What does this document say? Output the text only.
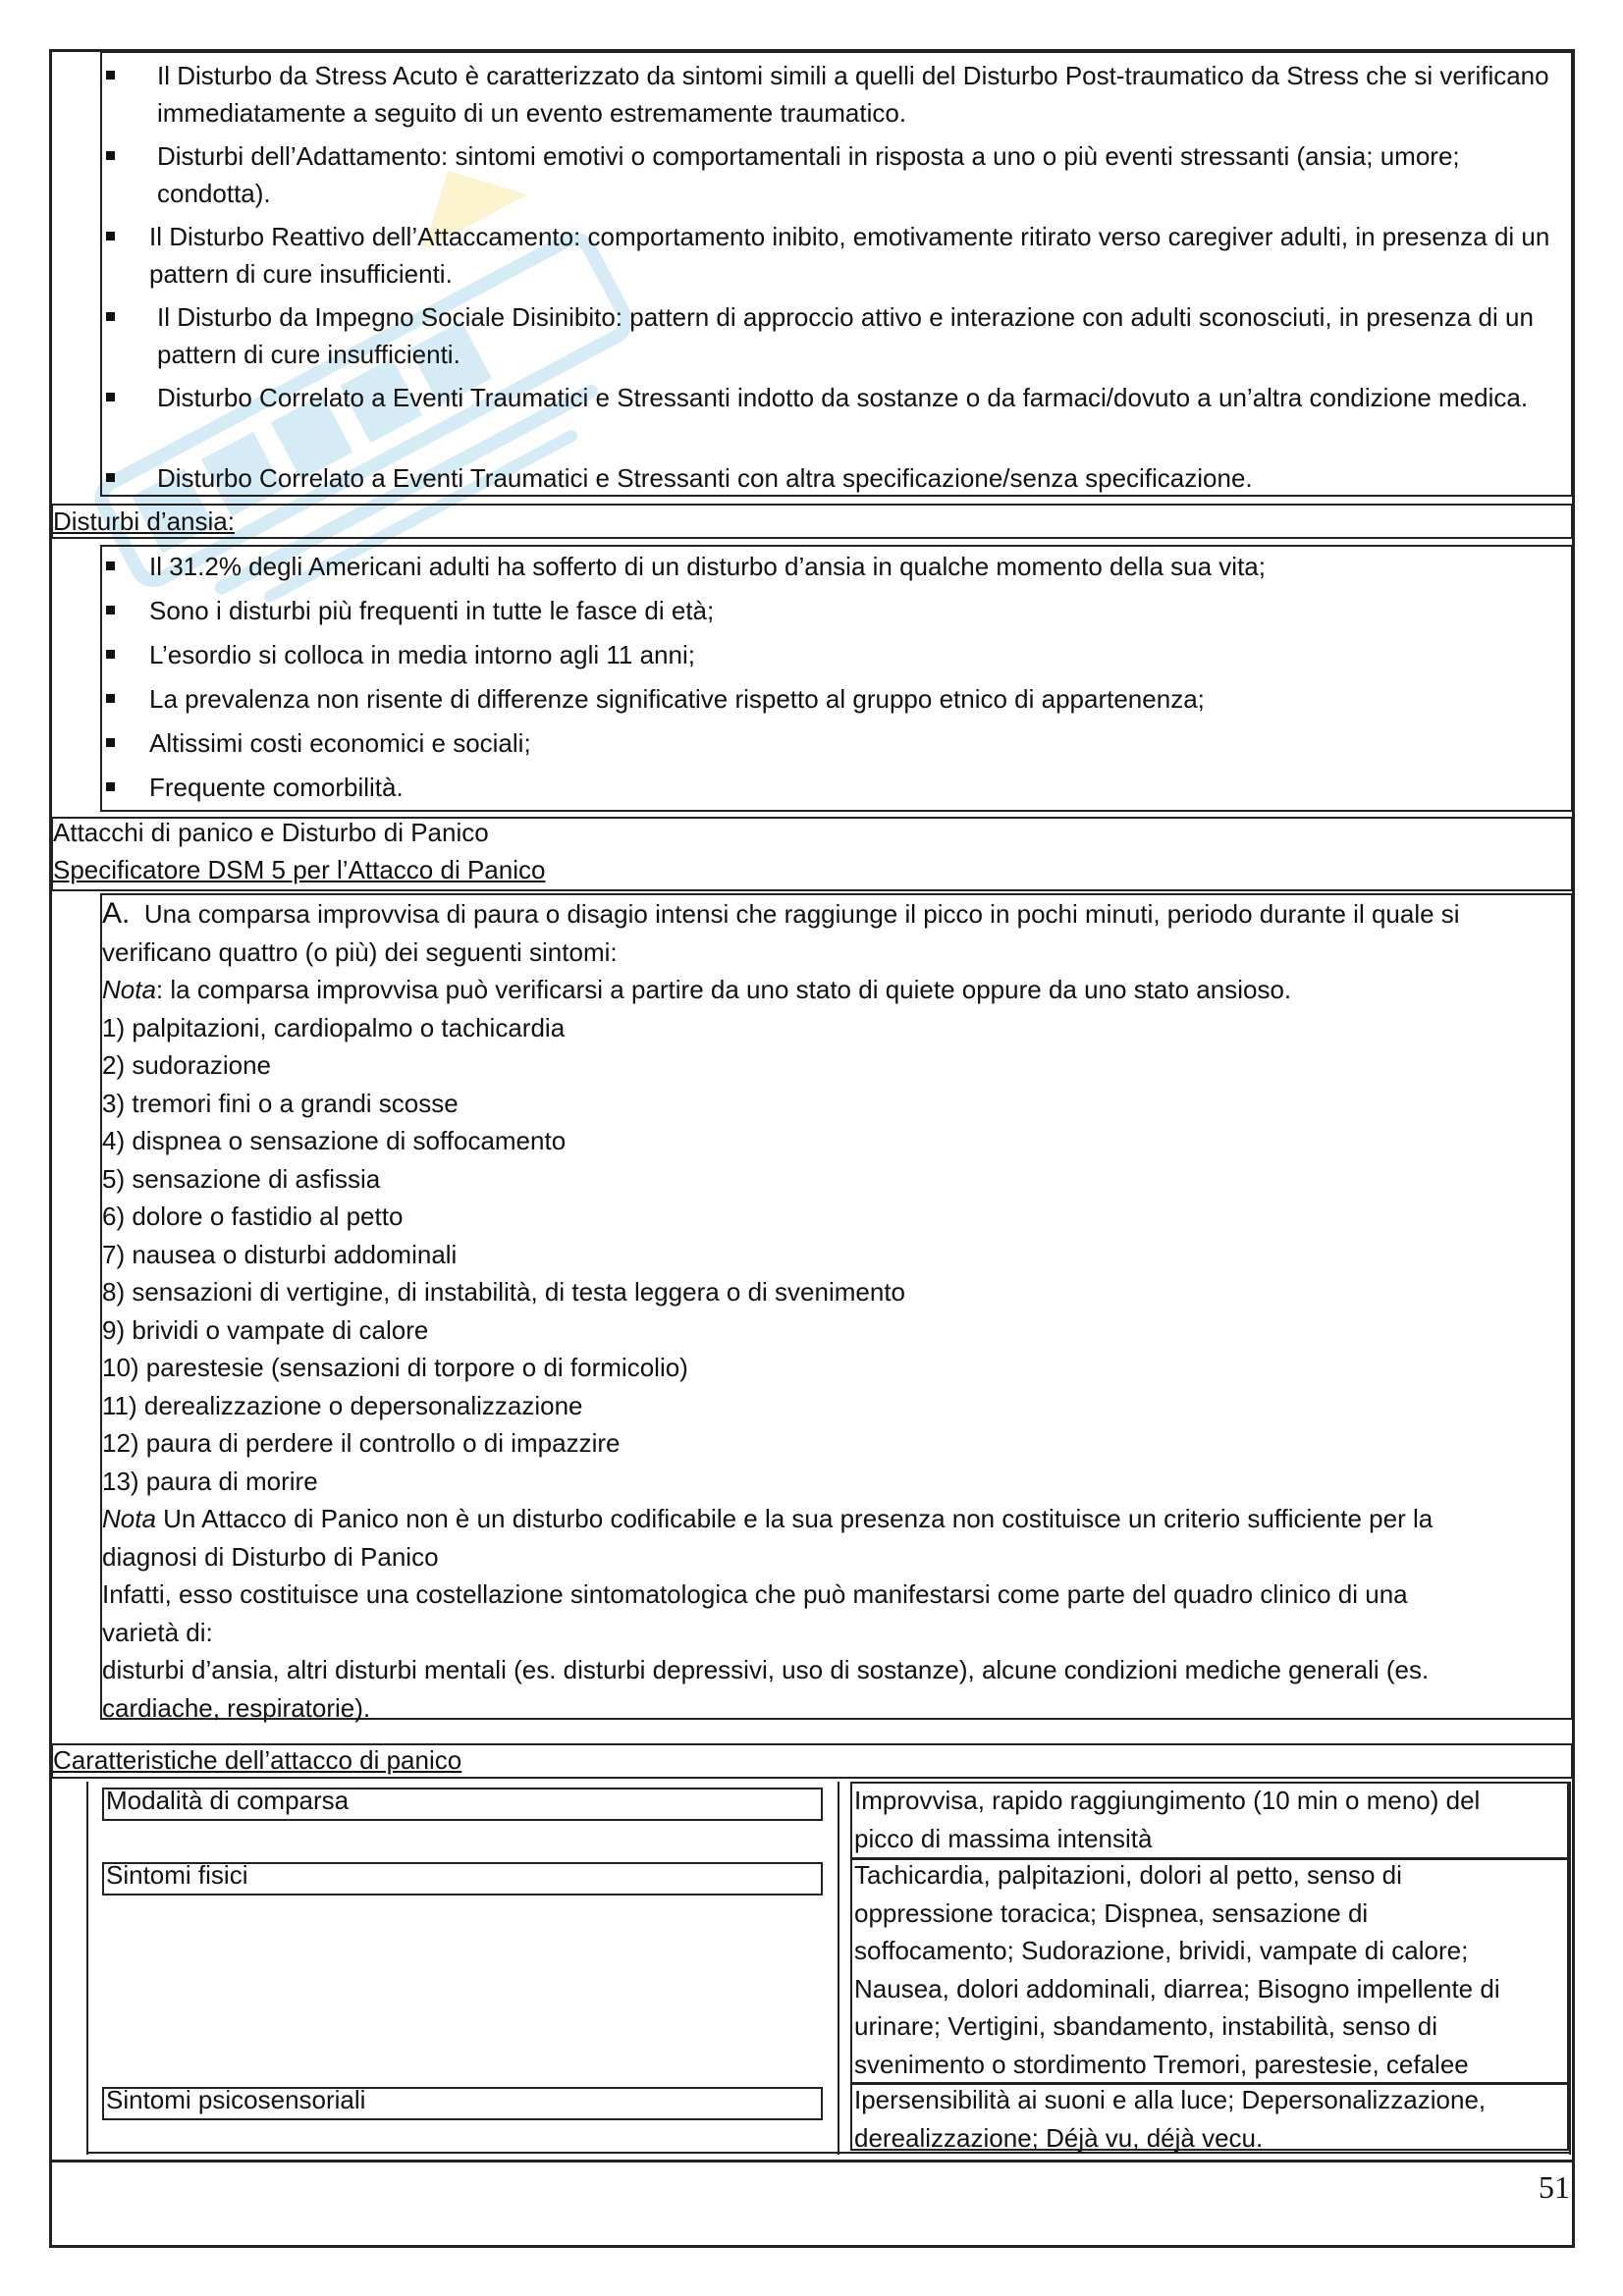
Il Disturbo da Stress Acuto è caratterizzato da sintomi simili a quelli del Disturbo Post-traumatico da Stress che si verificano immediatamente a seguito di un evento estremamente traumatico.
Disturbi dell’Adattamento: sintomi emotivi o comportamentali in risposta a uno o più eventi stressanti (ansia; umore; condotta).
Il Disturbo Reattivo dell’Attaccamento: comportamento inibito, emotivamente ritirato verso caregiver adulti, in presenza di un pattern di cure insufficienti.
Il Disturbo da Impegno Sociale Disinibito: pattern di approccio attivo e interazione con adulti sconosciuti, in presenza di un pattern di cure insufficienti.
Disturbo Correlato a Eventi Traumatici e Stressanti indotto da sostanze o da farmaci/dovuto a un’altra condizione medica.
Disturbo Correlato a Eventi Traumatici e Stressanti con altra specificazione/senza specificazione.
Disturbi d’ansia:
Il 31.2% degli Americani adulti ha sofferto di un disturbo d’ansia in qualche momento della sua vita;
Sono i disturbi più frequenti in tutte le fasce di età;
L’esordio si colloca in media intorno agli 11 anni;
La prevalenza non risente di differenze significative rispetto al gruppo etnico di appartenenza;
Altissimi costi economici e sociali;
Frequente comorbilità.
Attacchi di panico e Disturbo di Panico
Specificatore DSM 5 per l’Attacco di Panico
A. Una comparsa improvvisa di paura o disagio intensi che raggiunge il picco in pochi minuti, periodo durante il quale si
verificano quattro (o più) dei seguenti sintomi:
Nota: la comparsa improvvisa può verificarsi a partire da uno stato di quiete oppure da uno stato ansioso.
1) palpitazioni, cardiopalmo o tachicardia
2) sudorazione
3) tremori fini o a grandi scosse
4) dispnea o sensazione di soffocamento
5) sensazione di asfissia
6) dolore o fastidio al petto
7) nausea o disturbi addominali
8) sensazioni di vertigine, di instabilità, di testa leggera o di svenimento
9) brividi o vampate di calore
10) parestesie (sensazioni di torpore o di formicolio)
11) derealizzazione o depersonalizzazione
12) paura di perdere il controllo o di impazzire
13) paura di morire
Nota Un Attacco di Panico non è un disturbo codificabile e la sua presenza non costituisce un criterio sufficiente per la
diagnosi di Disturbo di Panico
Infatti, esso costituisce una costellazione sintomatologica che può manifestarsi come parte del quadro clinico di una
varietà di:
disturbi d’ansia, altri disturbi mentali (es. disturbi depressivi, uso di sostanze), alcune condizioni mediche generali (es.
cardiache, respiratorie).
Caratteristiche dell’attacco di panico
Modalità di comparsa	Improvvisa, rapido raggiungimento (10 min o meno) del
picco di massima intensità
Sintomi fisici	Tachicardia, palpitazioni, dolori al petto, senso di
oppressione toracica; Dispnea, sensazione di
soffocamento; Sudorazione, brividi, vampate di calore;
Nausea, dolori addominali, diarrea; Bisogno impellente di
urinare; Vertigini, sbandamento, instabilità, senso di
svenimento o stordimento Tremori, parestesie, cefalee
Sintomi psicosensoriali	Ipersensibilità ai suoni e alla luce; Depersonalizzazione,
derealizzazione; Déjà vu, déjà vecu.
51
